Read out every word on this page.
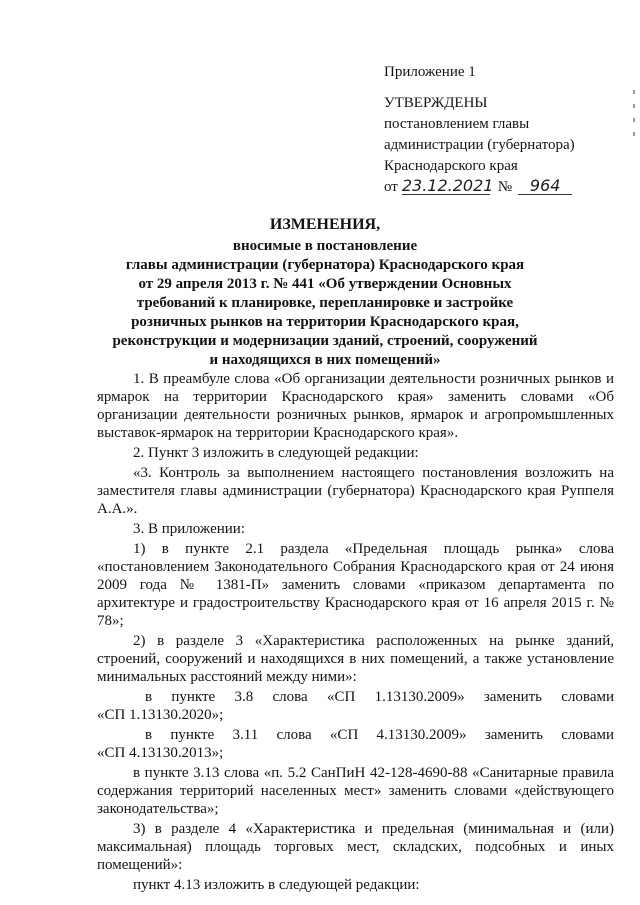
Приложение 1
УТВЕРЖДЕНЫ
постановлением главы
администрации (губернатора)
Краснодарского края
от 23.12.2021 №	964
ИЗМЕНЕНИЯ,
вносимые в постановление
главы администрации (губернатора) Краснодарского края
от 29 апреля 2013 г. № 441 «Об утверждении Основных
требований к планировке, перепланировке и застройке
розничных рынков на территории Краснодарского края,
реконструкции и модернизации зданий, строений, сооружений
и находящихся в них помещений»

1. В преамбуле слова «Об организации деятельности розничных рынков и ярмарок на территории Краснодарского края» заменить словами «Об организации деятельности розничных рынков, ярмарок и агропромышленных выставок-ярмарок на территории Краснодарского края».

2. Пункт 3 изложить в следующей редакции:

«3. Контроль за выполнением настоящего постановления возложить на заместителя главы администрации (губернатора) Краснодарского края Руппеля А.А.».

3. В приложении:

1) в пункте 2.1 раздела «Предельная площадь рынка» слова «постановлением Законодательного Собрания Краснодарского края от 24 июня 2009 года № 1381-П» заменить словами «приказом департамента по архитектуре и градостроительству Краснодарского края от 16 апреля 2015 г. № 78»;

2) в разделе 3 «Характеристика расположенных на рынке зданий, строений, сооружений и находящихся в них помещений, а также установление минимальных расстояний между ними»:

в пункте 3.8 слова «СП 1.13130.2009» заменить словами

«СП 1.13130.2020»;

в пункте 3.11 слова «СП 4.13130.2009» заменить словами

«СП 4.13130.2013»;

в пункте 3.13 слова «п. 5.2 СанПиН 42-128-4690-88 «Санитарные правила содержания территорий населенных мест» заменить словами «действующего законодательства»;

3) в разделе 4 «Характеристика и предельная (минимальная и (или) максимальная) площадь торговых мест, складских, подсобных и иных помещений»:

пункт 4.13 изложить в следующей редакции:
